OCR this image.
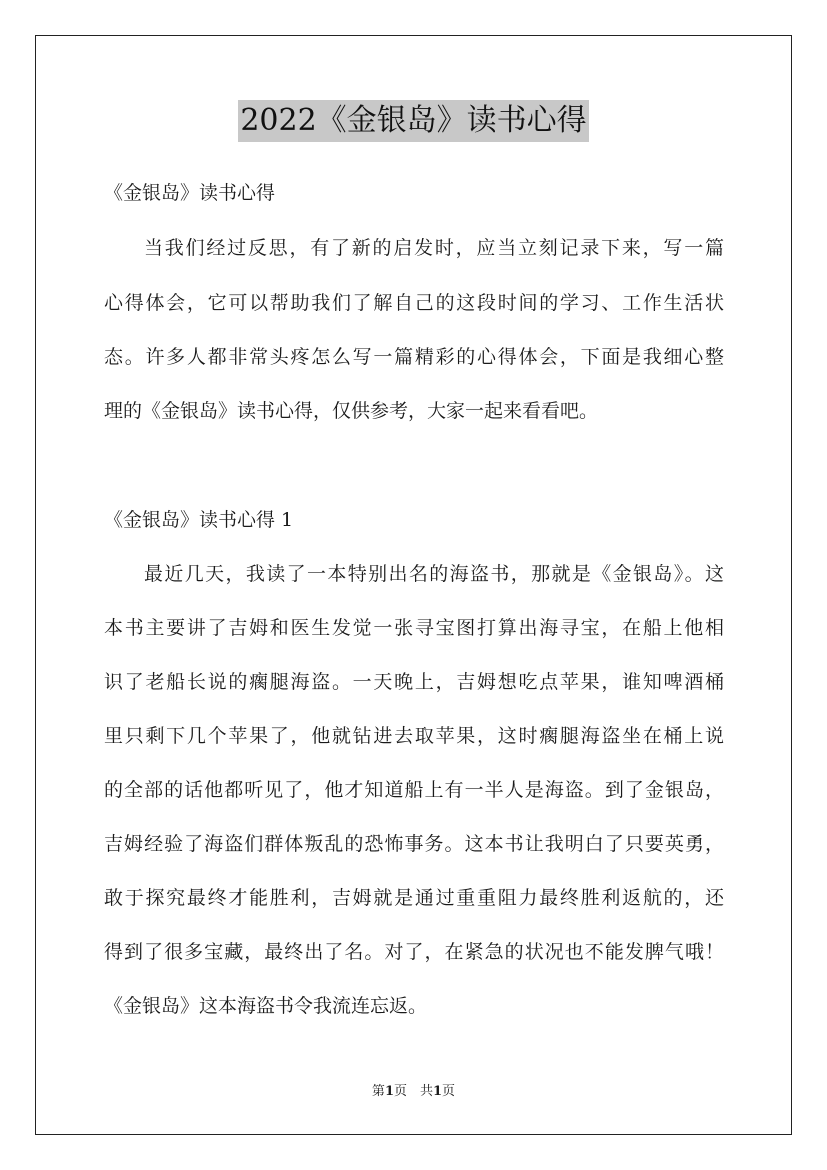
2022《金银岛》读书心得
《金银岛》读书心得
当我们经过反思，有了新的启发时，应当立刻记录下来，写一篇
心得体会，它可以帮助我们了解自己的这段时间的学习、工作生活状
态。许多人都非常头疼怎么写一篇精彩的心得体会，下面是我细心整
理的《金银岛》读书心得，仅供参考，大家一起来看看吧。
《金银岛》读书心得 1
最近几天，我读了一本特别出名的海盗书，那就是《金银岛》。这
本书主要讲了吉姆和医生发觉一张寻宝图打算出海寻宝，在船上他相
识了老船长说的瘸腿海盗。一天晚上，吉姆想吃点苹果，谁知啤酒桶
里只剩下几个苹果了，他就钻进去取苹果，这时瘸腿海盗坐在桶上说
的全部的话他都听见了，他才知道船上有一半人是海盗。到了金银岛，
吉姆经验了海盗们群体叛乱的恐怖事务。这本书让我明白了只要英勇，
敢于探究最终才能胜利，吉姆就是通过重重阻力最终胜利返航的，还
得到了很多宝藏，最终出了名。对了，在紧急的状况也不能发脾气哦！
《金银岛》这本海盗书令我流连忘返。
第1页　共1页
